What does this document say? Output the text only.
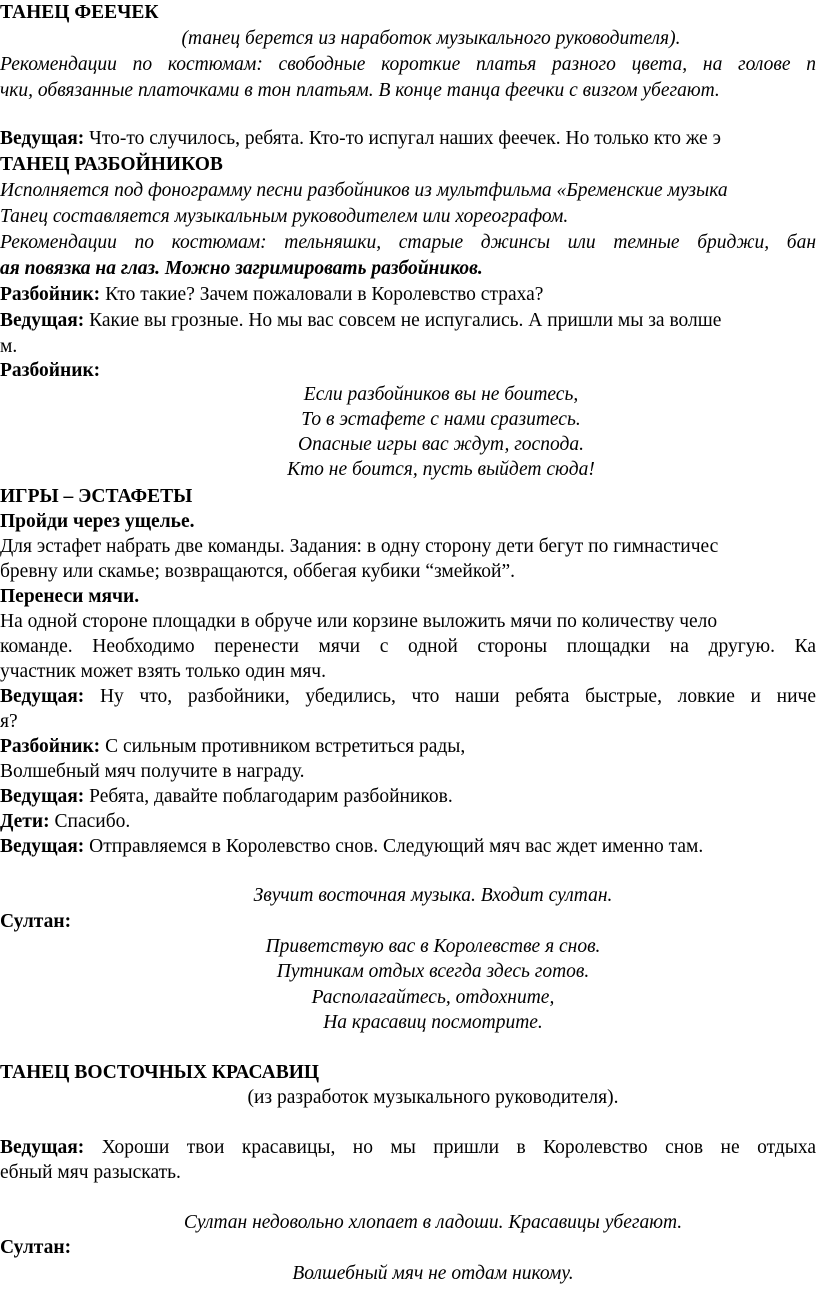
ТАНЕЦ ФЕЕЧЕК
(танец берется из наработок музыкального руководителя).
Рекомендации по костюмам: свободные короткие платья разного цвета, на голове п
чки, обвязанные платочками в тон платьям. В конце танца феечки с визгом убегают.
Ведущая: Что-то случилось, ребята. Кто-то испугал наших феечек. Но только кто же э
ТАНЕЦ РАЗБОЙНИКОВ
Исполняется под фонограмму песни разбойников из мультфильма «Бременские музыка
Танец составляется музыкальным руководителем или хореографом.
Рекомендации по костюмам: тельняшки, старые джинсы или темные бриджи, бан
ая повязка на глаз. Можно загримировать разбойников.
Разбойник: Кто такие? Зачем пожаловали в Королевство страха?
Ведущая: Какие вы грозные. Но мы вас совсем не испугались. А пришли мы за волше
м.
Разбойник:
Если разбойников вы не боитесь,
То в эстафете с нами сразитесь.
Опасные игры вас ждут, господа.
Кто не боится, пусть выйдет сюда!
ИГРЫ – ЭСТАФЕТЫ
Пройди через ущелье.
Для эстафет набрать две команды. Задания: в одну сторону дети бегут по гимнастичес
бревну или скамье; возвращаются, оббегая кубики “змейкой”.
Перенеси мячи.
На одной стороне площадки в обруче или корзине выложить мячи по количеству чело
команде. Необходимо перенести мячи с одной стороны площадки на другую. Ка
участник может взять только один мяч.
Ведущая: Ну что, разбойники, убедились, что наши ребята быстрые, ловкие и ниче
я?
Разбойник: С сильным противником встретиться рады,
Волшебный мяч получите в награду.
Ведущая: Ребята, давайте поблагодарим разбойников.
Дети: Спасибо.
Ведущая: Отправляемся в Королевство снов. Следующий мяч вас ждет именно там.
Звучит восточная музыка. Входит султан.
Султан:
Приветствую вас в Королевстве я снов.
Путникам отдых всегда здесь готов.
Располагайтесь, отдохните,
На красавиц посмотрите.
ТАНЕЦ ВОСТОЧНЫХ КРАСАВИЦ
(из разработок музыкального руководителя).
Ведущая: Хороши твои красавицы, но мы пришли в Королевство снов не отдыха
ебный мяч разыскать.
Султан недовольно хлопает в ладоши. Красавицы убегают.
Султан:
Волшебный мяч не отдам никому.
